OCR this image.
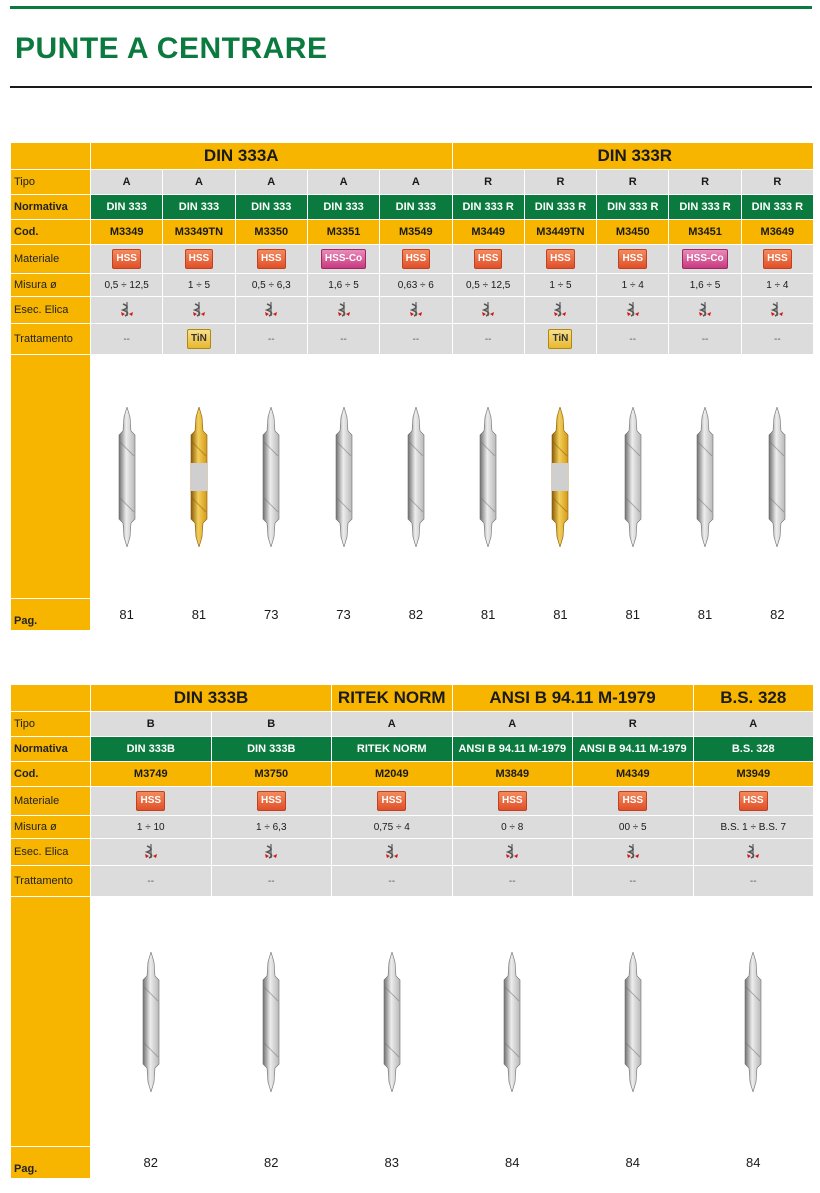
PUNTE A CENTRARE
	DIN 333A					DIN 333R				
Tipo	A	A	A	A	A	R	R	R	R	R
Normativa	DIN 333	DIN 333	DIN 333	DIN 333	DIN 333	DIN 333 R	DIN 333 R	DIN 333 R	DIN 333 R	DIN 333 R
Cod.	M3349	M3349TN	M3350	M3351	M3549	M3449	M3449TN	M3450	M3451	M3649
Materiale	HSS	HSS	HSS	HSS-Co	HSS	HSS	HSS	HSS	HSS-Co	HSS
Misura ø	0,5 ÷ 12,5	1 ÷ 5	0,5 ÷ 6,3	1,6 ÷ 5	0,63 ÷ 6	0,5 ÷ 12,5	1 ÷ 5	1 ÷ 4	1,6 ÷ 5	1 ÷ 4
Esec. Elica										
Trattamento	--	TiN	--	--	--	--	TiN	--	--	--

Pag.	81	81	73	73	82	81	81	81	81	82
	DIN 333B		RITEK NORM	ANSI B 94.11 M-1979		B.S. 328
Tipo	B	B	A	A	R	A
Normativa	DIN 333B	DIN 333B	RITEK NORM	ANSI B 94.11 M-1979	ANSI B 94.11 M-1979	B.S. 328
Cod.	M3749	M3750	M2049	M3849	M4349	M3949
Materiale	HSS	HSS	HSS	HSS	HSS	HSS
Misura ø	1 ÷ 10	1 ÷ 6,3	0,75 ÷ 4	0 ÷ 8	00 ÷ 5	B.S. 1 ÷ B.S. 7
Esec. Elica						
Trattamento	--	--	--	--	--	--

Pag.	82	82	83	84	84	84
